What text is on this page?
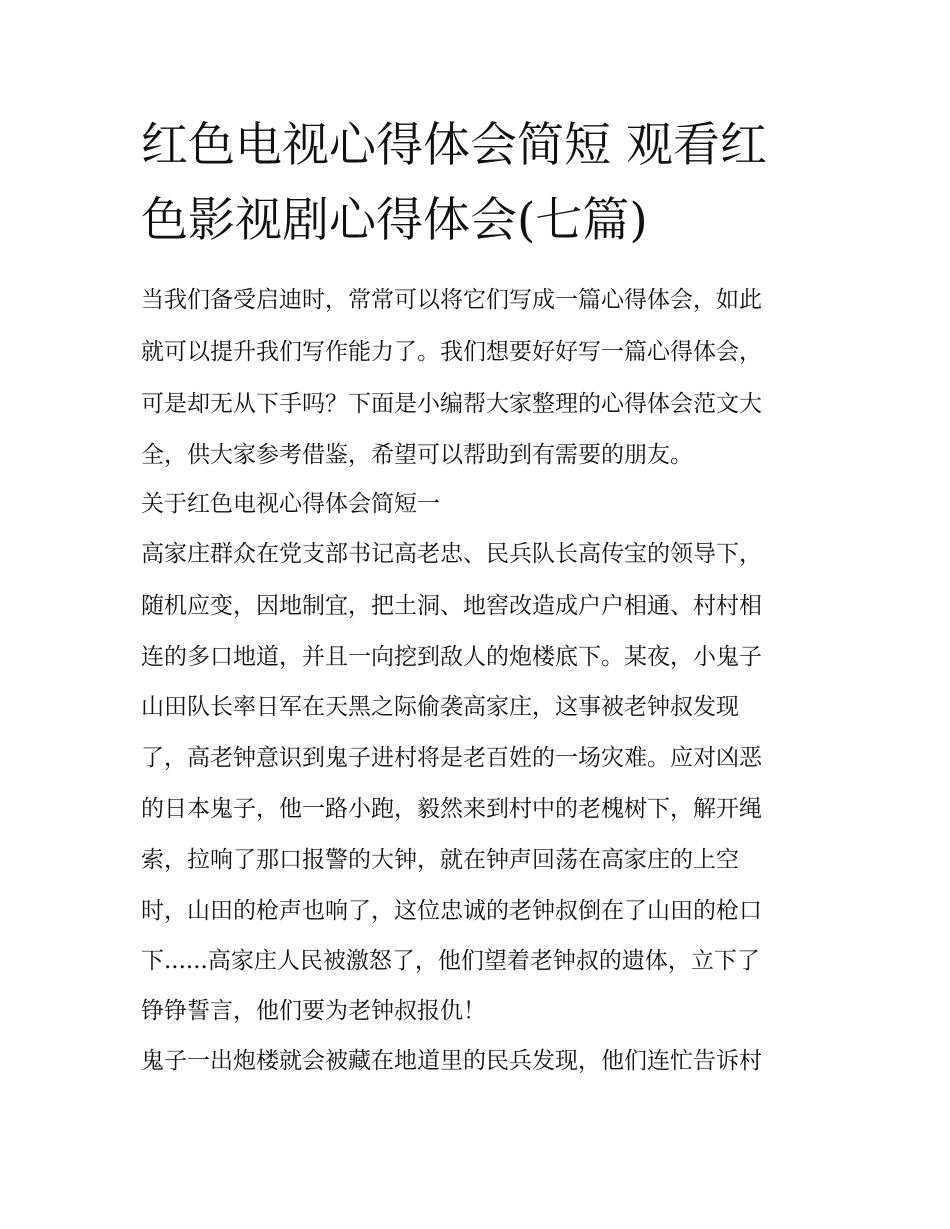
红色电视心得体会简短 观看红
色影视剧心得体会(七篇)
当我们备受启迪时，常常可以将它们写成一篇心得体会，如此
就可以提升我们写作能力了。我们想要好好写一篇心得体会，
可是却无从下手吗？下面是小编帮大家整理的心得体会范文大
全，供大家参考借鉴，希望可以帮助到有需要的朋友。
关于红色电视心得体会简短一
高家庄群众在党支部书记高老忠、民兵队长高传宝的领导下，
随机应变，因地制宜，把土洞、地窖改造成户户相通、村村相
连的多口地道，并且一向挖到敌人的炮楼底下。某夜，小鬼子
山田队长率日军在天黑之际偷袭高家庄，这事被老钟叔发现
了，高老钟意识到鬼子进村将是老百姓的一场灾难。应对凶恶
的日本鬼子，他一路小跑，毅然来到村中的老槐树下，解开绳
索，拉响了那口报警的大钟，就在钟声回荡在高家庄的上空
时，山田的枪声也响了，这位忠诚的老钟叔倒在了山田的枪口
下......高家庄人民被激怒了，他们望着老钟叔的遗体，立下了
铮铮誓言，他们要为老钟叔报仇！
鬼子一出炮楼就会被藏在地道里的民兵发现，他们连忙告诉村
